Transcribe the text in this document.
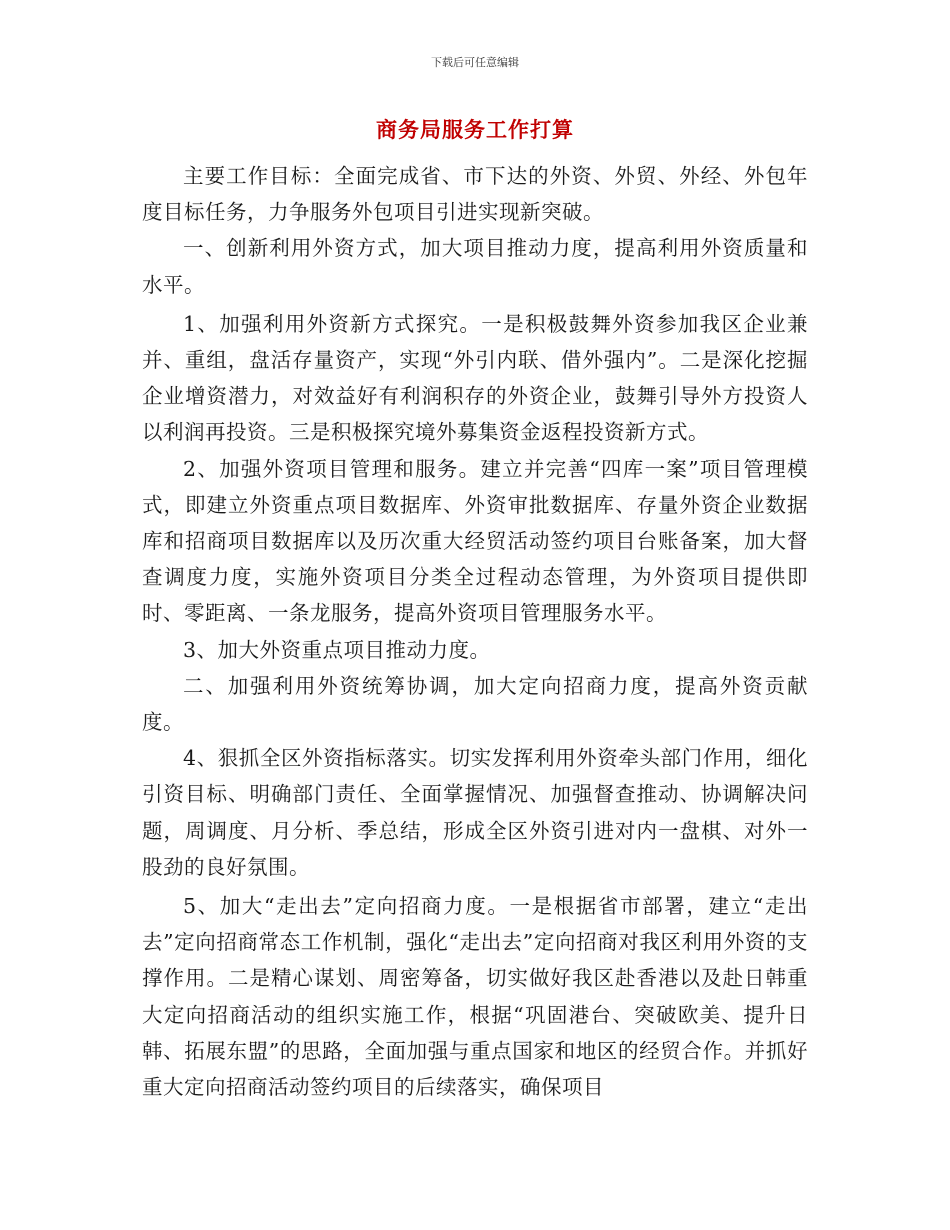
下载后可任意编辑
商务局服务工作打算

主要工作目标：全面完成省、市下达的外资、外贸、外经、外包年度目标任务，力争服务外包项目引进实现新突破。

一、创新利用外资方式，加大项目推动力度，提高利用外资质量和水平。

1、加强利用外资新方式探究。一是积极鼓舞外资参加我区企业兼并、重组，盘活存量资产，实现“外引内联、借外强内”。二是深化挖掘企业增资潜力，对效益好有利润积存的外资企业，鼓舞引导外方投资人以利润再投资。三是积极探究境外募集资金返程投资新方式。

2、加强外资项目管理和服务。建立并完善“四库一案”项目管理模式，即建立外资重点项目数据库、外资审批数据库、存量外资企业数据库和招商项目数据库以及历次重大经贸活动签约项目台账备案，加大督查调度力度，实施外资项目分类全过程动态管理，为外资项目提供即时、零距离、一条龙服务，提高外资项目管理服务水平。

3、加大外资重点项目推动力度。

二、加强利用外资统筹协调，加大定向招商力度，提高外资贡献度。

4、狠抓全区外资指标落实。切实发挥利用外资牵头部门作用，细化引资目标、明确部门责任、全面掌握情况、加强督查推动、协调解决问题，周调度、月分析、季总结，形成全区外资引进对内一盘棋、对外一股劲的良好氛围。

5、加大“走出去”定向招商力度。一是根据省市部署，建立“走出去”定向招商常态工作机制，强化“走出去”定向招商对我区利用外资的支撑作用。二是精心谋划、周密筹备，切实做好我区赴香港以及赴日韩重大定向招商活动的组织实施工作，根据“巩固港台、突破欧美、提升日韩、拓展东盟”的思路，全面加强与重点国家和地区的经贸合作。并抓好重大定向招商活动签约项目的后续落实，确保项目
